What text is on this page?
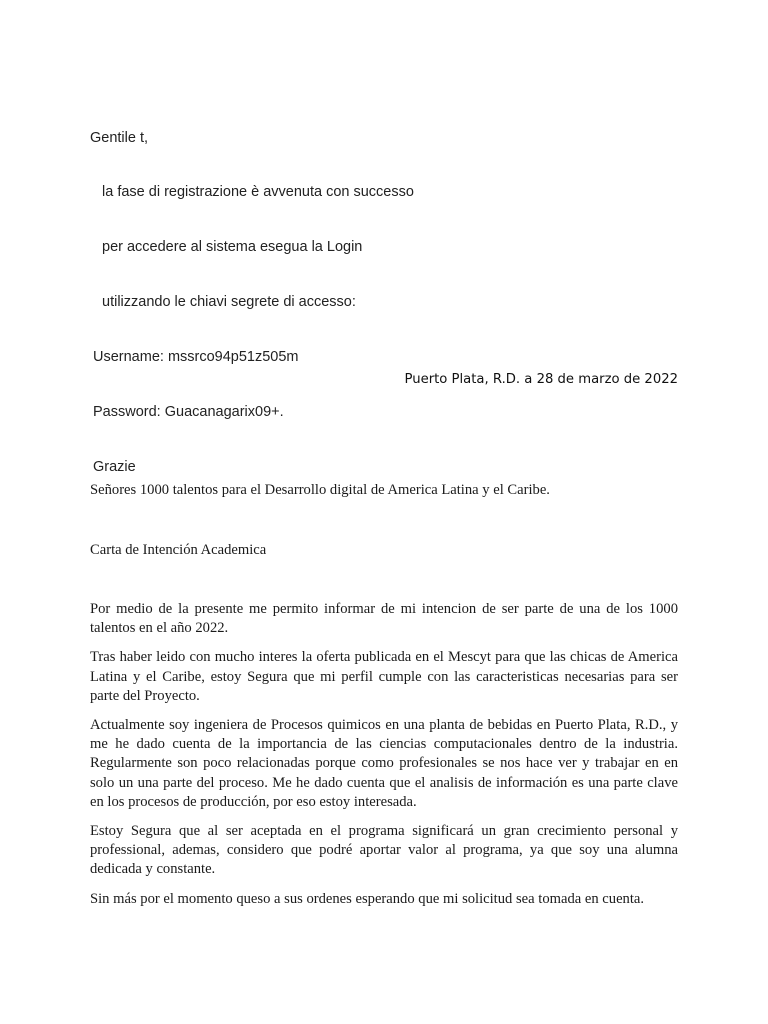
Gentile t,

la fase di registrazione è avvenuta con successo

per accedere al sistema esegua la Login

utilizzando le chiavi segrete di accesso:

Username: mssrco94p51z505m

Password: Guacanagarix09+.

Grazie

Puerto Plata, R.D. a 28 de marzo de 2022
Señores 1000 talentos para el Desarrollo digital de America Latina y el Caribe.
Carta de Intención Academica

Por medio de la presente me permito informar de mi intencion de ser parte de una de los 1000 talentos en el año 2022.

Tras haber leido con mucho interes la oferta publicada en el Mescyt para que las chicas de America Latina y el Caribe, estoy Segura que mi perfil cumple con las caracteristicas necesarias para ser parte del Proyecto.

Actualmente soy ingeniera de Procesos quimicos en una planta de bebidas en Puerto Plata, R.D., y me he dado cuenta de la importancia de las ciencias computacionales dentro de la industria. Regularmente son poco relacionadas porque como profesionales se nos hace ver y trabajar en en solo un una parte del proceso. Me he dado cuenta que el analisis de información es una parte clave en los procesos de producción, por eso estoy interesada.

Estoy Segura que al ser aceptada en el programa significará un gran crecimiento personal y professional, ademas, considero que podré aportar valor al programa, ya que soy una alumna dedicada y constante.

Sin más por el momento queso a sus ordenes esperando que mi solicitud sea tomada en cuenta.
